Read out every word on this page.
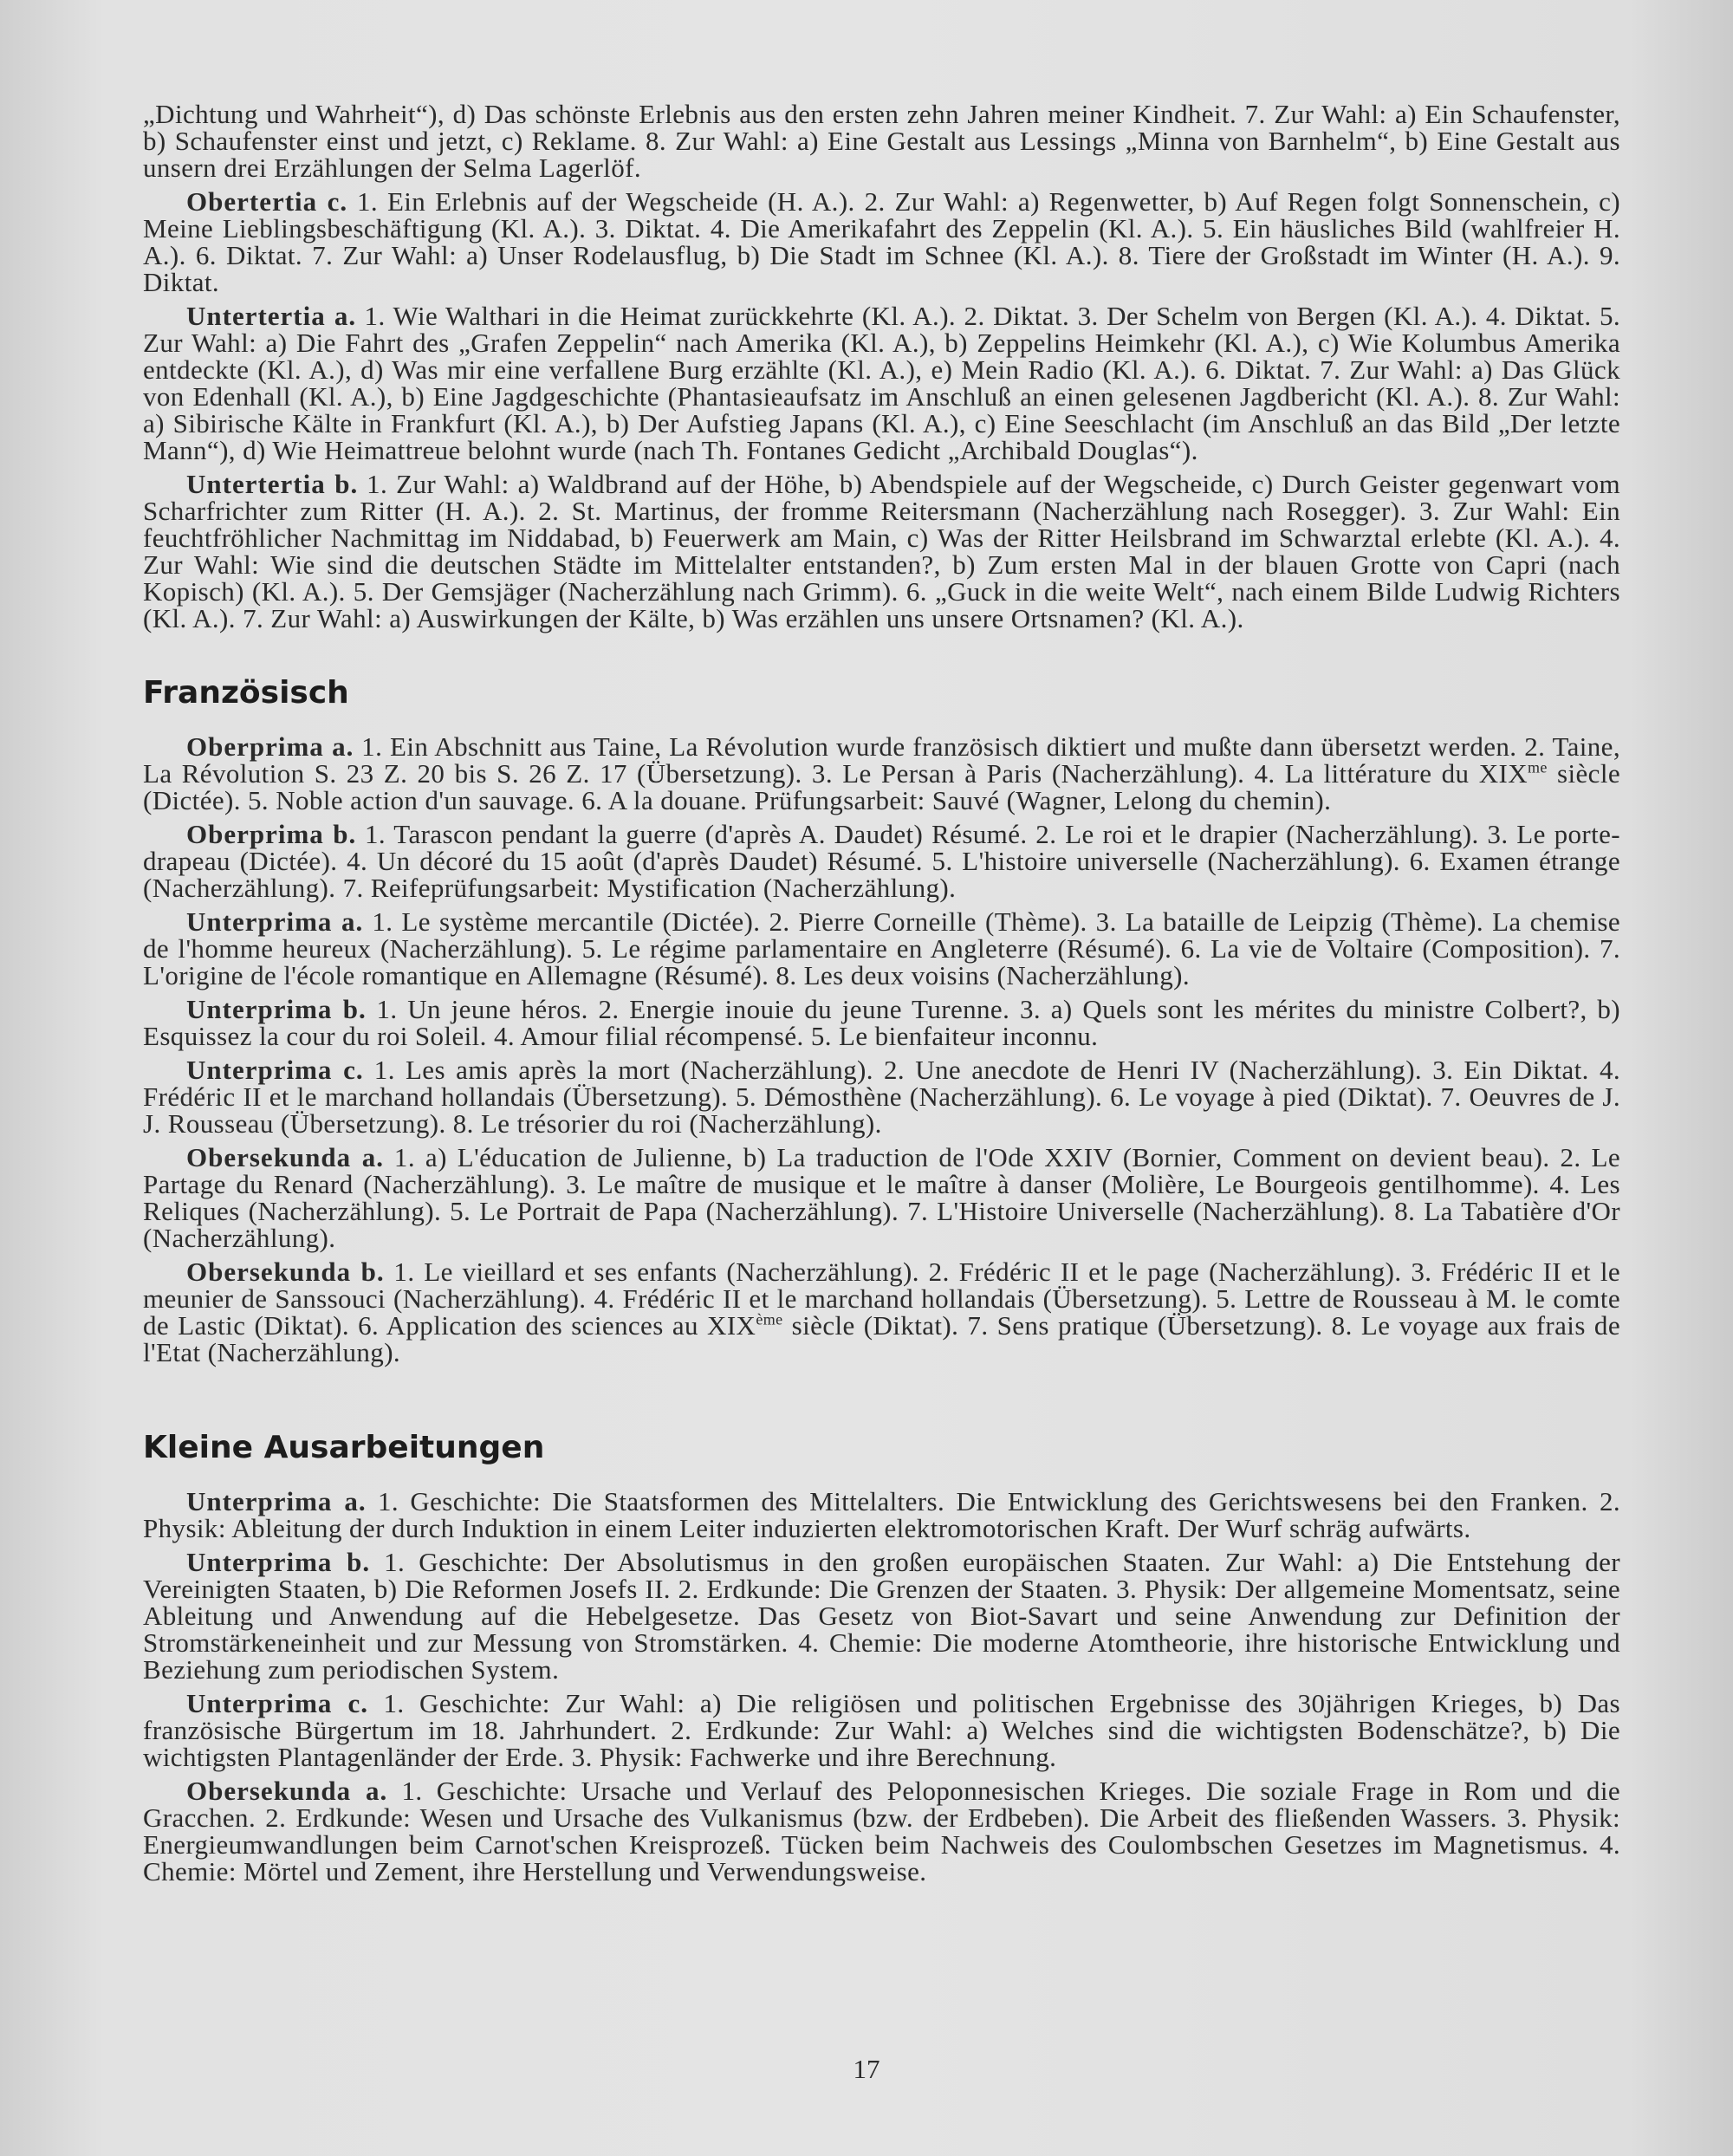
„Dichtung und Wahrheit“), d) Das schönste Erlebnis aus den ersten zehn Jahren meiner Kindheit. 7. Zur Wahl: a) Ein Schaufenster, b) Schaufenster einst und jetzt, c) Reklame. 8. Zur Wahl: a) Eine Gestalt aus Lessings „Minna von Barnhelm“, b) Eine Gestalt aus unsern drei Erzählungen der Selma Lagerlöf.

Obertertia c. 1. Ein Erlebnis auf der Wegscheide (H. A.). 2. Zur Wahl: a) Regenwetter, b) Auf Regen folgt Sonnenschein, c) Meine Lieblingsbeschäftigung (Kl. A.). 3. Diktat. 4. Die Amerikafahrt des Zeppelin (Kl. A.). 5. Ein häusliches Bild (wahlfreier H. A.). 6. Diktat. 7. Zur Wahl: a) Unser Rodelausflug, b) Die Stadt im Schnee (Kl. A.). 8. Tiere der Großstadt im Winter (H. A.). 9. Diktat.

Untertertia a. 1. Wie Walthari in die Heimat zurückkehrte (Kl. A.). 2. Diktat. 3. Der Schelm von Bergen (Kl. A.). 4. Diktat. 5. Zur Wahl: a) Die Fahrt des „Grafen Zeppelin“ nach Amerika (Kl. A.), b) Zeppelins Heimkehr (Kl. A.), c) Wie Kolumbus Amerika entdeckte (Kl. A.), d) Was mir eine verfallene Burg erzählte (Kl. A.), e) Mein Radio (Kl. A.). 6. Diktat. 7. Zur Wahl: a) Das Glück von Edenhall (Kl. A.), b) Eine Jagdgeschichte (Phantasieaufsatz im Anschluß an einen gelesenen Jagdbericht (Kl. A.). 8. Zur Wahl: a) Sibirische Kälte in Frankfurt (Kl. A.), b) Der Aufstieg Japans (Kl. A.), c) Eine Seeschlacht (im Anschluß an das Bild „Der letzte Mann“), d) Wie Heimattreue belohnt wurde (nach Th. Fontanes Gedicht „Archibald Douglas“).

Untertertia b. 1. Zur Wahl: a) Waldbrand auf der Höhe, b) Abendspiele auf der Wegscheide, c) Durch Geister gegenwart vom Scharfrichter zum Ritter (H. A.). 2. St. Martinus, der fromme Reitersmann (Nacherzählung nach Rosegger). 3. Zur Wahl: Ein feuchtfröhlicher Nachmittag im Niddabad, b) Feuerwerk am Main, c) Was der Ritter Heilsbrand im Schwarztal erlebte (Kl. A.). 4. Zur Wahl: Wie sind die deutschen Städte im Mittelalter entstanden?, b) Zum ersten Mal in der blauen Grotte von Capri (nach Kopisch) (Kl. A.). 5. Der Gemsjäger (Nacherzählung nach Grimm). 6. „Guck in die weite Welt“, nach einem Bilde Ludwig Richters (Kl. A.). 7. Zur Wahl: a) Auswirkungen der Kälte, b) Was erzählen uns unsere Ortsnamen? (Kl. A.).

Französisch

Oberprima a. 1. Ein Abschnitt aus Taine, La Révolution wurde französisch diktiert und mußte dann übersetzt werden. 2. Taine, La Révolution S. 23 Z. 20 bis S. 26 Z. 17 (Übersetzung). 3. Le Persan à Paris (Nacherzählung). 4. La littérature du $XIX^{me}$ siècle (Dictée). 5. Noble action d'un sauvage. 6. A la douane. Prüfungsarbeit: Sauvé (Wagner, Lelong du chemin).

Oberprima b. 1. Tarascon pendant la guerre (d'après A. Daudet) Résumé. 2. Le roi et le drapier (Nacherzählung). 3. Le porte-drapeau (Dictée). 4. Un décoré du 15 août (d'après Daudet) Résumé. 5. L'histoire universelle (Nacherzählung). 6. Examen étrange (Nacherzählung). 7. Reifeprüfungsarbeit: Mystification (Nacherzählung).

Unterprima a. 1. Le système mercantile (Dictée). 2. Pierre Corneille (Thème). 3. La bataille de Leipzig (Thème). La chemise de l'homme heureux (Nacherzählung). 5. Le régime parlamentaire en Angleterre (Résumé). 6. La vie de Voltaire (Composition). 7. L'origine de l'école romantique en Allemagne (Résumé). 8. Les deux voisins (Nacherzählung).

Unterprima b. 1. Un jeune héros. 2. Energie inouie du jeune Turenne. 3. a) Quels sont les mérites du ministre Colbert?, b) Esquissez la cour du roi Soleil. 4. Amour filial récompensé. 5. Le bienfaiteur inconnu.

Unterprima c. 1. Les amis après la mort (Nacherzählung). 2. Une anecdote de Henri IV (Nacherzählung). 3. Ein Diktat. 4. Frédéric II et le marchand hollandais (Übersetzung). 5. Démosthène (Nacherzählung). 6. Le voyage à pied (Diktat). 7. Oeuvres de J. J. Rousseau (Übersetzung). 8. Le trésorier du roi (Nacherzählung).

Obersekunda a. 1. a) L'éducation de Julienne, b) La traduction de l'Ode XXIV (Bornier, Comment on devient beau). 2. Le Partage du Renard (Nacherzählung). 3. Le maître de musique et le maître à danser (Molière, Le Bourgeois gentilhomme). 4. Les Reliques (Nacherzählung). 5. Le Portrait de Papa (Nacherzählung). 7. L'Histoire Universelle (Nacherzählung). 8. La Tabatière d'Or (Nacherzählung).

Obersekunda b. 1. Le vieillard et ses enfants (Nacherzählung). 2. Frédéric II et le page (Nacherzählung). 3. Frédéric II et le meunier de Sanssouci (Nacherzählung). 4. Frédéric II et le marchand hollandais (Übersetzung). 5. Lettre de Rousseau à M. le comte de Lastic (Diktat). 6. Application des sciences au XIXème siècle (Diktat). 7. Sens pratique (Übersetzung). 8. Le voyage aux frais de l'Etat (Nacherzählung).

Kleine Ausarbeitungen

Unterprima a. 1. Geschichte: Die Staatsformen des Mittelalters. Die Entwicklung des Gerichtswesens bei den Franken. 2. Physik: Ableitung der durch Induktion in einem Leiter induzierten elektromotorischen Kraft. Der Wurf schräg aufwärts.

Unterprima b. 1. Geschichte: Der Absolutismus in den großen europäischen Staaten. Zur Wahl: a) Die Entstehung der Vereinigten Staaten, b) Die Reformen Josefs II. 2. Erdkunde: Die Grenzen der Staaten. 3. Physik: Der allgemeine Momentsatz, seine Ableitung und Anwendung auf die Hebelgesetze. Das Gesetz von Biot-Savart und seine Anwendung zur Definition der Stromstärkeneinheit und zur Messung von Stromstärken. 4. Chemie: Die moderne Atomtheorie, ihre historische Entwicklung und Beziehung zum periodischen System.

Unterprima c. 1. Geschichte: Zur Wahl: a) Die religiösen und politischen Ergebnisse des 30jährigen Krieges, b) Das französische Bürgertum im 18. Jahrhundert. 2. Erdkunde: Zur Wahl: a) Welches sind die wichtigsten Bodenschätze?, b) Die wichtigsten Plantagenländer der Erde. 3. Physik: Fachwerke und ihre Berechnung.

Obersekunda a. 1. Geschichte: Ursache und Verlauf des Peloponnesischen Krieges. Die soziale Frage in Rom und die Gracchen. 2. Erdkunde: Wesen und Ursache des Vulkanismus (bzw. der Erdbeben). Die Arbeit des fließenden Wassers. 3. Physik: Energieumwandlungen beim Carnot'schen Kreisprozeß. Tücken beim Nachweis des Coulombschen Gesetzes im Magnetismus. 4. Chemie: Mörtel und Zement, ihre Herstellung und Verwendungsweise.

17
